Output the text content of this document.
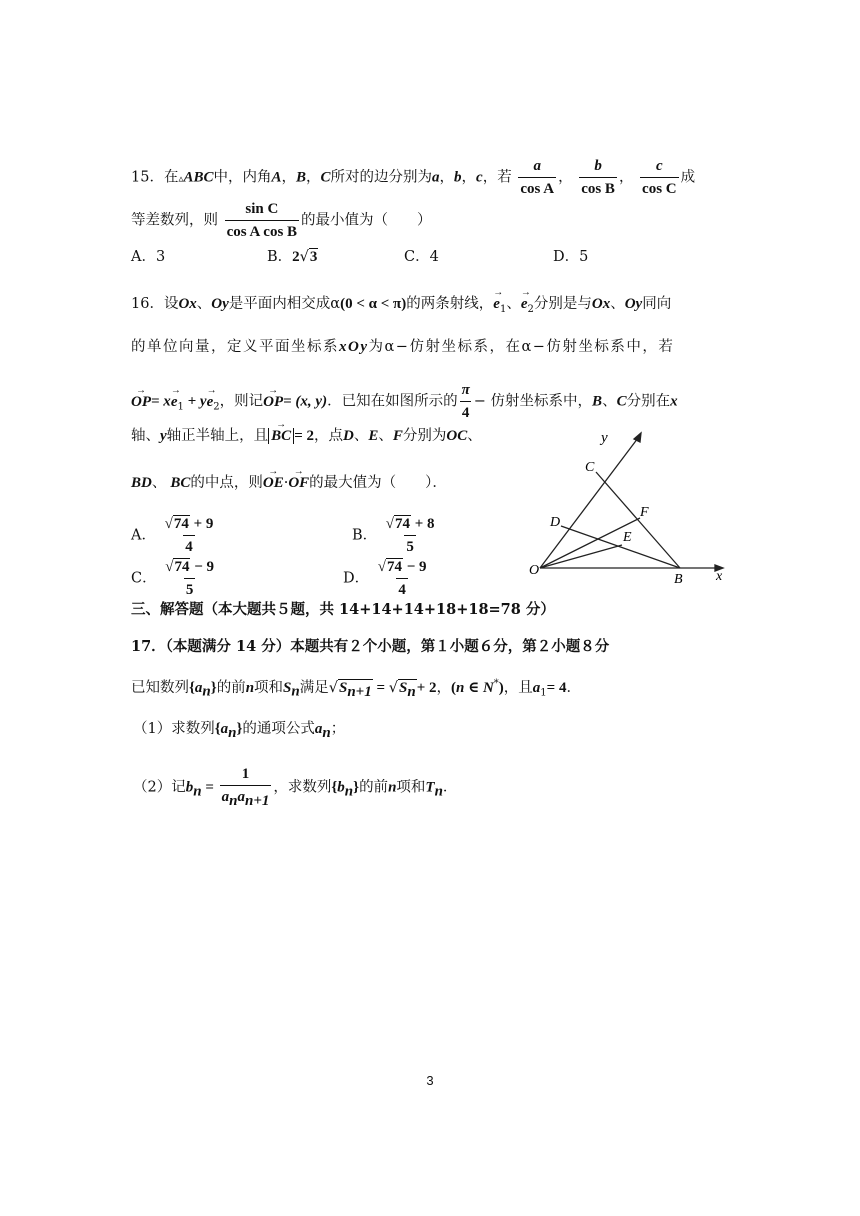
15．在▵ABC中，内角A，B，C所对的边分别为a，b，c，若 $\frac{a}{\text{cos A}}$ ， $\frac{b}{\text{cos B}}$ ， $\frac{c}{\text{cos C}}$ 成
等差数列，则 $\frac{\text{sin C}}{\text{cos A cos B}}$ 的最小值为（　　）
A．3	B．2√3	C．4	D．5
16．设Ox、Oy是平面内相交成α(0 < α < π)的两条射线，→ $e_1$、→ $e_2$分别是与Ox、Oy同向
的单位向量，定义平面坐标系xOy为α−仿射坐标系，在α−仿射坐标系中，若
→ $OP= x\to e_1 + y\to e_2$，则记→ OP= (x, y)．已知在如图所示的 $\frac{\pi}{4}$ − 仿射坐标系中，B、C分别在x
轴、y轴正半轴上，且→ BC = 2，点D、E、F分别为OC、
BD、 BC的中点，则→ OE·→ OF的最大值为（　　）．
A． $\frac{√74 + 9}{4}$	B． $\frac{√74 + 8}{5}$
C． $\frac{√74 - 9}{5}$	D． $\frac{√74 - 9}{4}$
y
x
C
D
F
E
O
B
三、解答题（本大题共５题，共 14+14+14+18+18=78 分）
17．（本题满分 14 分）本题共有２个小题，第１小题６分，第２小题８分
已知数列$\{a_n\}$的前n项和$S_n$满足$√S_{n+1} = √S_n+ 2$，(n ∈ N*)，且$a_1= 4$．
（1）求数列$\{a_n\}$的通项公式$a_n$；
（2）记$b_n = \frac{1}{a_na_{n+1}}$ ，求数列$\{b_n\}$的前n项和$T_n$．
3
